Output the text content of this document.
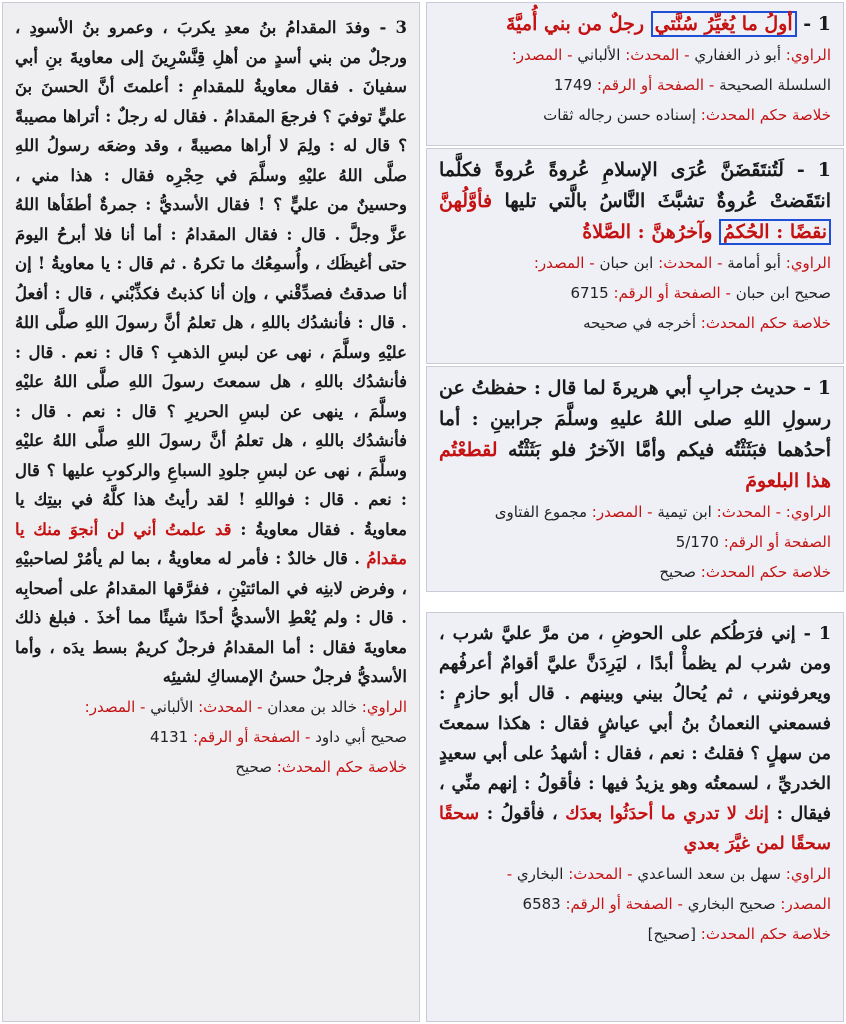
1 - أولُ ما يُغيِّرُ سُنَّتي رجلٌ من بني أُميَّةَ
الراوي: أبو ذر الغفاري - المحدث: الألباني - المصدر:
السلسلة الصحيحة - الصفحة أو الرقم: 1749
خلاصة حكم المحدث: إسناده حسن رجاله ثقات
1 - لَتُنتَقَضَنَّ عُرَى الإسلامِ عُروةً عُروةً فكلَّما انتَقَضتْ عُروةٌ تشبَّثَ النَّاسُ بالَّتي تليها فأوَّلُهنَّ نقضًا : الحُكمُ وآخرُهنَّ : الصَّلاةُ
الراوي: أبو أمامة - المحدث: ابن حبان - المصدر:
صحيح ابن حبان - الصفحة أو الرقم: 6715
خلاصة حكم المحدث: أخرجه في صحيحه
1 - حديث جرابِ أبي هريرةَ لما قال : حفظتُ عن رسولِ اللهِ صلى اللهُ عليهِ وسلَّمَ جرابينِ : أما أحدُهما فبَثَثْتُه فيكم وأمَّا الآخرُ فلو بَثَثْتُه لقطعْتُم هذا البلعومَ
الراوي: - المحدث: ابن تيمية - المصدر: مجموع الفتاوى
الصفحة أو الرقم: 5/170
خلاصة حكم المحدث: صحيح
1 - إني فرَطُكم على الحوضِ ، من مرَّ عليَّ شرب ، ومن شرب لم يظمأْ أبدًا ، ليَرِدَنَّ عليَّ أقوامٌ أعرفُهم ويعرفونني ، ثم يُحالُ بيني وبينهم . قال أبو حازمٍ : فسمعني النعمانُ بنُ أبي عياشٍ فقال : هكذا سمعتَ من سهلٍ ؟ فقلتُ : نعم ، فقال : أشهدُ على أبي سعيدٍ الخدريِّ ، لسمعتُه وهو يزيدُ فيها : فأقولُ : إنهم منِّي ، فيقال : إنك لا تدري ما أحدَثُوا بعدَك ، فأقولُ : سحقًا سحقًا لمن غيَّرَ بعدي
الراوي: سهل بن سعد الساعدي - المحدث: البخاري -
المصدر: صحيح البخاري - الصفحة أو الرقم: 6583
خلاصة حكم المحدث: [صحيح]
3 - وفدَ المقدامُ بنُ معدِ يكربَ ، وعمرو بنُ الأسودِ ، ورجلٌ من بني أسدٍ من أهلِ قِنَّسْرِينَ إلى معاويةَ بنِ أبي سفيانَ . فقال معاويةُ للمقدامِ : أعلمتَ أنَّ الحسنَ بنَ عليٍّ توفيَ ؟ فرجعَ المقدامُ . فقال له رجلٌ : أتراها مصيبةً ؟ قال له : ولِمَ لا أراها مصيبةً ، وقد وضعَه رسولُ اللهِ صلَّى اللهُ عليْهِ وسلَّمَ في حِجْرِه فقال : هذا مني ، وحسينٌ من عليٍّ ؟ ! فقال الأسديُّ : جمرةٌ أطفَأها اللهُ عزَّ وجلَّ . قال : فقال المقدامُ : أما أنا فلا أبرحُ اليومَ حتى أغيظَك ، وأُسمِعُك ما تكرهُ . ثم قال : يا معاويةُ ! إن أنا صدقتُ فصدِّقْني ، وإن أنا كذبتُ فكذِّبْني ، قال : أفعلُ . قال : فأنشدُك باللهِ ، هل تعلمُ أنَّ رسولَ اللهِ صلَّى اللهُ عليْهِ وسلَّمَ ، نهى عن لبسِ الذهبِ ؟ قال : نعم . قال : فأنشدُك باللهِ ، هل سمعتَ رسولَ اللهِ صلَّى اللهُ عليْهِ وسلَّمَ ، ينهى عن لبسِ الحريرِ ؟ قال : نعم . قال : فأنشدُك باللهِ ، هل تعلمُ أنَّ رسولَ اللهِ صلَّى اللهُ عليْهِ وسلَّمَ ، نهى عن لبسِ جلودِ السباعِ والركوبِ عليها ؟ قال : نعم . قال : فواللهِ ! لقد رأيتُ هذا كلَّهُ في بيتِك يا معاويةُ . فقال معاويةُ : قد علمتُ أني لن أنجوَ منك يا مقدامُ . قال خالدٌ : فأمر له معاويةُ ، بما لم يأمُرْ لصاحبيْهِ ، وفرض لابنِه في المائتيْنِ ، ففرَّقها المقدامُ على أصحابِه . قال : ولم يُعْطِ الأسديُّ أحدًا شيئًا مما أخذَ . فبلغ ذلك معاويةَ فقال : أما المقدامُ فرجلٌ كريمٌ بسط يدَه ، وأما الأسديُّ فرجلٌ حسنُ الإمساكِ لشيئِه
الراوي: خالد بن معدان - المحدث: الألباني - المصدر:
صحيح أبي داود - الصفحة أو الرقم: 4131
خلاصة حكم المحدث: صحيح
